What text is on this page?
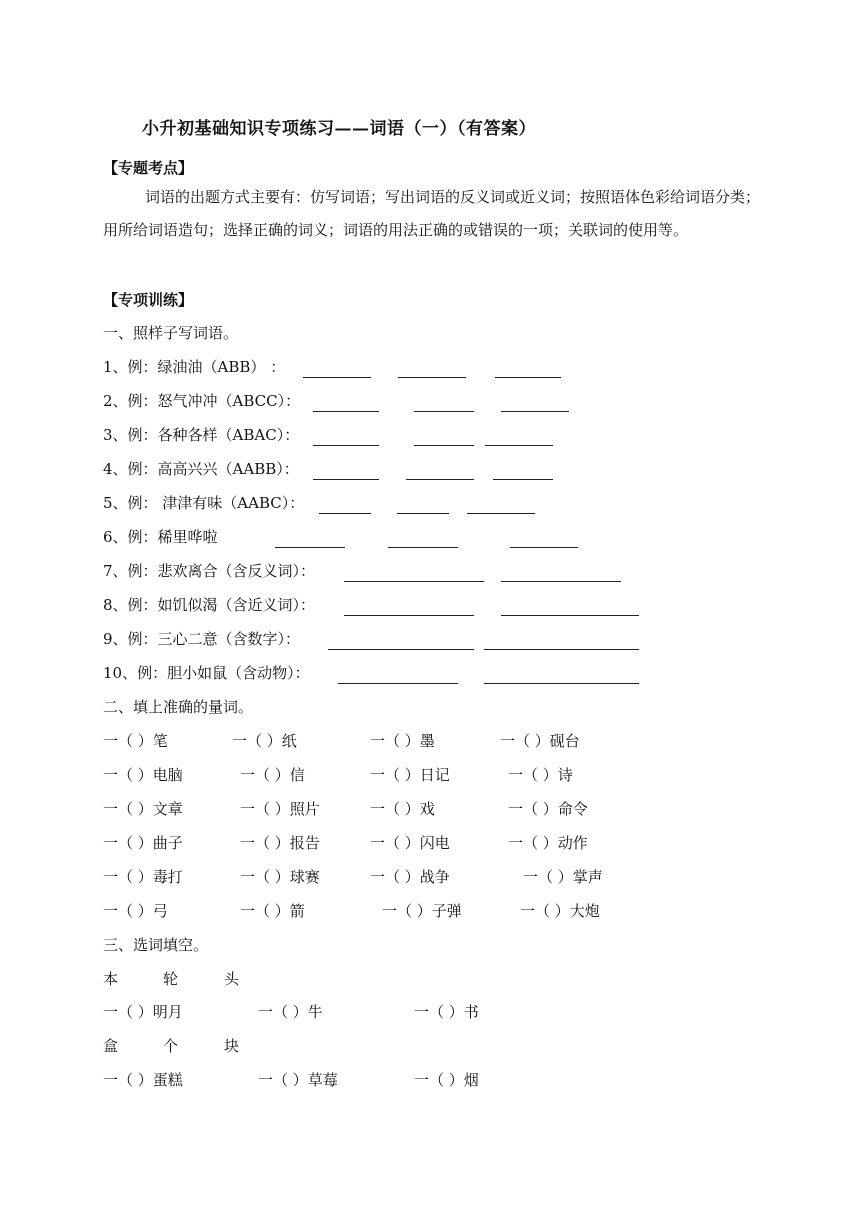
小升初基础知识专项练习——词语（一）（有答案）
【专题考点】
词语的出题方式主要有：仿写词语；写出词语的反义词或近义词；按照语体色彩给词语分类；用所给词语造句；选择正确的词义；词语的用法正确的或错误的一项；关联词的使用等。
【专项训练】
一、照样子写词语。
1、例：绿油油（ABB） ：
2、例：怒气冲冲（ABCC）：
3、例：各种各样（ABAC）：
4、例：高高兴兴（AABB）：
5、例： 津津有味（AABC）：
6、例：稀里哗啦
7、例：悲欢离合（含反义词）：
8、例：如饥似渴（含近义词）：
9、例：三心二意（含数字）：
10、例：胆小如鼠（含动物）：
二、填上准确的量词。
一（ ）笔	一（ ）纸	一（ ）墨	一（ ）砚台
一（ ）电脑	一（ ）信	一（ ）日记	一（ ）诗
一（ ）文章	一（ ）照片	一（ ）戏	一（ ）命令
一（ ）曲子	一（ ）报告	一（ ）闪电	一（ ）动作
一（ ）毒打	一（ ）球赛	一（ ）战争	一（ ）掌声
一（ ）弓	一（ ）箭	一（ ）子弹	一（ ）大炮
三、选词填空。
本	轮	头
一（ ）明月	一（ ）牛	一（ ）书
盒	个	块
一（ ）蛋糕	一（ ）草莓	一（ ）烟
